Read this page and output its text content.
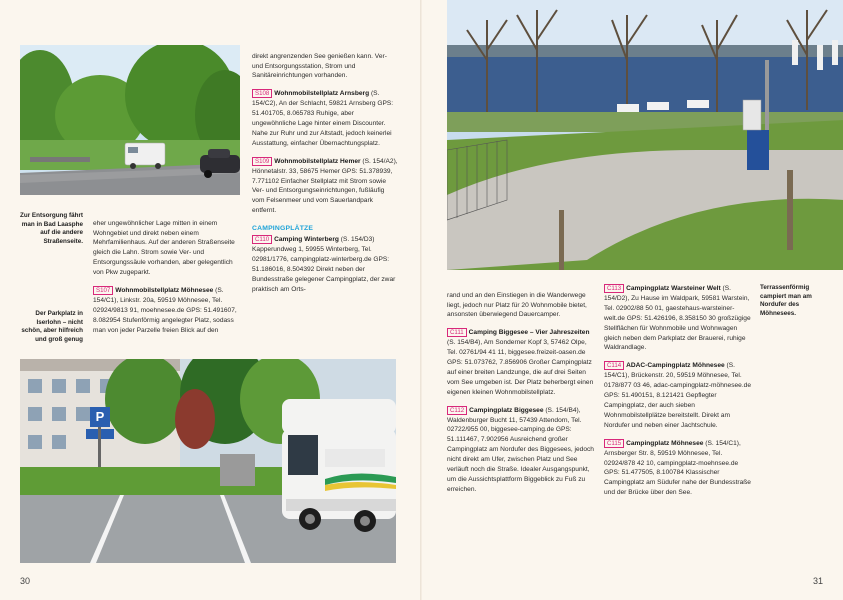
Zur Entsorgung fährt man in Bad Laasphe auf die andere Straßenseite.
Der Parkplatz in Iserlohn – nicht schön, aber hilfreich und groß genug

eher ungewöhnlicher Lage mitten in einem Wohngebiet und direkt neben einem Mehrfamilienhaus. Auf der anderen Straßenseite gleich die Lahn. Strom sowie Ver- und Entsorgungssäule vorhanden, aber gelegentlich von Pkw zugeparkt.

S107 Wohnmobilstellplatz Möhnesee (S. 154/C1), Linkstr. 20a, 59519 Möhnesee, Tel. 02924/9813 91, moehnesee.de GPS: 51.491607, 8.082954 Stufenförmig angelegter Platz, sodass man von jeder Parzelle freien Blick auf den

direkt angrenzenden See genießen kann. Ver- und Entsorgungsstation, Strom und Sanitäreinrichtungen vorhanden.

S108 Wohnmobilstellplatz Arnsberg (S. 154/C2), An der Schlacht, 59821 Arnsberg GPS: 51.401705, 8.065783 Ruhige, aber ungewöhnliche Lage hinter einem Discounter. Nahe zur Ruhr und zur Altstadt, jedoch keinerlei Ausstattung, einfacher Übernachtungsplatz.
S109 Wohnmobilstellplatz Hemer (S. 154/A2), Hönnetalstr. 33, 58675 Hemer GPS: 51.378939, 7.771102 Einfacher Stellplatz mit Strom sowie Ver- und Entsorgungseinrichtungen, fußläufig vom Felsenmeer und vom Sauerlandpark entfernt.
CAMPINGPLÄTZE
C110 Camping Winterberg (S. 154/D3) Kapperundweg 1, 59955 Winterberg, Tel. 02981/1776, campingplatz-winterberg.de GPS: 51.186016, 8.504392 Direkt neben der Bundesstraße gelegener Campingplatz, der zwar praktisch am Orts-
P
30
Terrassenförmig campiert man am Nordufer des Möhnesees.

rand und an den Einstiegen in die Wanderwege liegt, jedoch nur Platz für 20 Wohnmobile bietet, ansonsten überwiegend Dauercamper.

C111 Camping Biggesee – Vier Jahreszeiten (S. 154/B4), Am Sonderner Kopf 3, 57462 Olpe, Tel. 02761/94 41 11, biggesee.freizeit-oasen.de GPS: 51.073762, 7.856906 Großer Campingplatz auf einer breiten Landzunge, die auf drei Seiten vom See umgeben ist. Der Platz beherbergt einen eigenen kleinen Wohnmobilstellplatz.
C112 Campingplatz Biggesee (S. 154/B4), Waldenburger Bucht 11, 57439 Attendorn, Tel. 02722/955 00, biggesee-camping.de GPS: 51.111467, 7.902956 Ausreichend großer Campingplatz am Nordufer des Biggesees, jedoch nicht direkt am Ufer, zwischen Platz und See verläuft noch die Straße. Idealer Ausgangspunkt, um die Aussichtsplattform Biggeblick zu Fuß zu erreichen.
C113 Campingplatz Warsteiner Welt (S. 154/D2), Zu Hause im Waldpark, 59581 Warstein, Tel. 02902/88 50 01, gaestehaus-warsteiner-welt.de GPS: 51.426196, 8.358150 30 großzügige Stellflächen für Wohnmobile und Wohnwagen gleich neben dem Parkplatz der Brauerei, ruhige Waldrandlage.
C114 ADAC-Campingplatz Möhnesee (S. 154/C1), Brückenstr. 20, 59519 Möhnesee, Tel. 0178/877 03 46, adac-campingplatz-möhnesee.de GPS: 51.490151, 8.121421 Gepflegter Campingplatz, der auch sieben Wohnmobilstellplätze bereitstellt. Direkt am Nordufer und neben einer Jachtschule.
C115 Campingplatz Möhnesee (S. 154/C1), Arnsberger Str. 8, 59519 Möhnesee, Tel. 02924/878 42 10, campingplatz-moehnsee.de GPS: 51.477505, 8.100784 Klassischer Campingplatz am Südufer nahe der Bundesstraße und der Brücke über den See.
31
